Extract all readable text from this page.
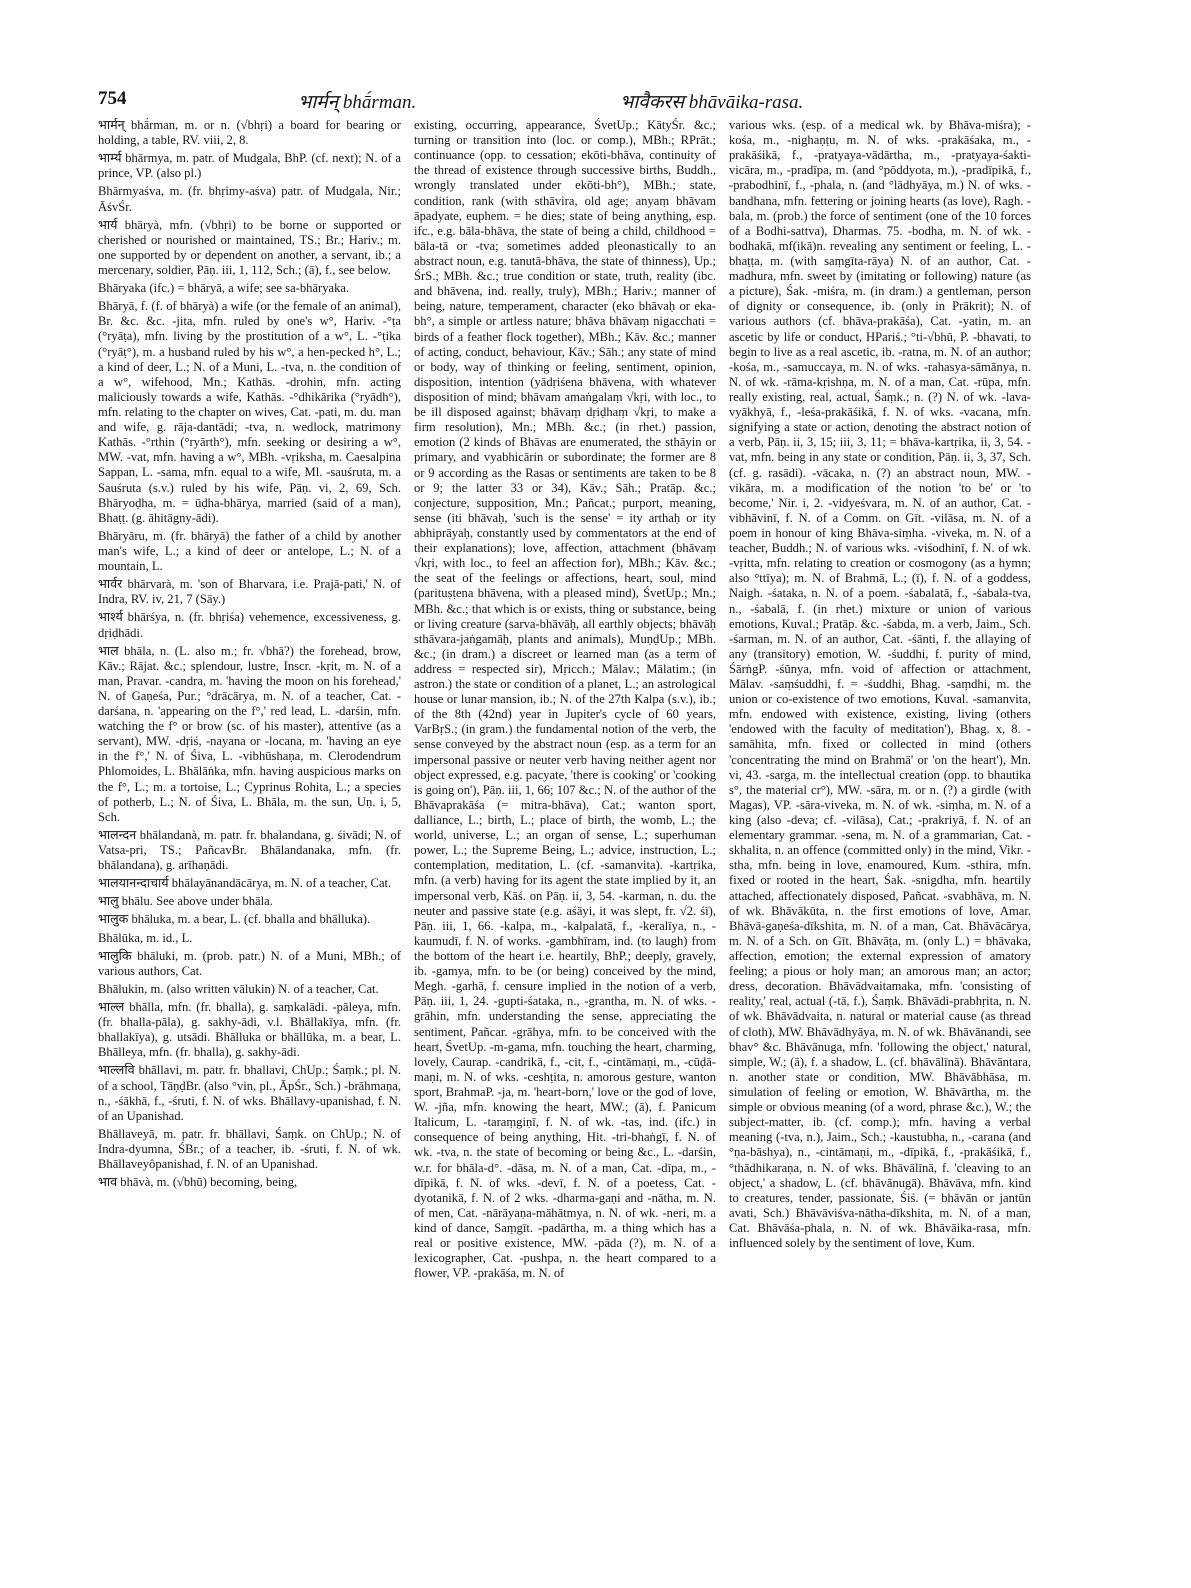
754	भार्मन् bhā́rman.	भावैकरस bhāvāika-rasa.

भार्मन् bhā́rman, m. or n. (√bhṛi) a board for bearing or holding, a table, RV. viii, 2, 8.

भार्म्य bhārmya, m. patr. of Mudgala, BhP. (cf. next); N. of a prince, VP. (also pl.)

Bhārmyaśva, m. (fr. bhṛimy-aśva) patr. of Mudgala, Nir.; ĀśvŚr.

भार्य bhāryà, mfn. (√bhṛi) to be borne or supported or cherished or nourished or maintained, TS.; Br.; Hariv.; m. one supported by or dependent on another, a servant, ib.; a mercenary, soldier, Pāṇ. iii, 1, 112, Sch.; (ā), f., see below.

Bhāryaka (ifc.) = bhāryā, a wife; see sa-bhāryaka.

Bhāryā, f. (f. of bhāryà) a wife (or the female of an animal), Br. &c. &c. -jita, mfn. ruled by one's w°, Hariv. -°ṭa (°ryāṭa), mfn. living by the prostitution of a w°, L. -°ṭika (°ryāṭ°), m. a husband ruled by his w°, a hen-pecked h°, L.; a kind of deer, L.; N. of a Muni, L. -tva, n. the condition of a w°, wifehood, Mn.; Kathās. -drohin, mfn. acting maliciously towards a wife, Kathās. -°dhikārika (°ryādh°), mfn. relating to the chapter on wives, Cat. -pati, m. du. man and wife, g. rāja-dantādi; -tva, n. wedlock, matrimony Kathās. -°rthin (°ryārth°), mfn. seeking or desiring a w°, MW. -vat, mfn. having a w°, MBh. -vṛiksha, m. Caesalpina Sappan, L. -sama, mfn. equal to a wife, Ml. -sauśruta, m. a Sauśruta (s.v.) ruled by his wife, Pāṇ. vi, 2, 69, Sch. Bhāryoḍha, m. = ūḍha-bhārya, married (said of a man), Bhaṭṭ. (g. āhitāgny-ādi).

Bhāryāru, m. (fr. bhāryā) the father of a child by another man's wife, L.; a kind of deer or antelope, L.; N. of a mountain, L.

भार्वर bhārvarà, m. 'son of Bharvara, i.e. Prajā-pati,' N. of Indra, RV. iv, 21, 7 (Sāy.)

भार्श्य bhārśya, n. (fr. bhṛiśa) vehemence, excessiveness, g. dṛiḍhādi.

भाल bhāla, n. (L. also m.; fr. √bhā?) the forehead, brow, Kāv.; Rājat. &c.; splendour, lustre, Inscr. -kṛit, m. N. of a man, Pravar. -candra, m. 'having the moon on his forehead,' N. of Gaṇeśa, Pur.; °drācārya, m. N. of a teacher, Cat. -darśana, n. 'appearing on the f°,' red lead, L. -darśin, mfn. watching the f° or brow (sc. of his master), attentive (as a servant), MW. -dṛiś, -nayana or -locana, m. 'having an eye in the f°,' N. of Śiva, L. -vibhūshaṇa, m. Clerodendrum Phlomoides, L. Bhālāṅka, mfn. having auspicious marks on the f°, L.; m. a tortoise, L.; Cyprinus Rohita, L.; a species of potherb, L.; N. of Śiva, L. Bhāla, m. the sun, Uṇ. i, 5, Sch.

भालन्दन bhālandanà, m. patr. fr. bhalandana, g. śivādi; N. of Vatsa-pri, TS.; PañcavBr. Bhālandanaka, mfn. (fr. bhālandana), g. arīhaṇādi.

भालयानन्दाचार्य bhālayānandācārya, m. N. of a teacher, Cat.

भालु bhālu. See above under bhāla.

भालुक bhāluka, m. a bear, L. (cf. bhalla and bhālluka).

Bhālūka, m. id., L.

भालुकि bhāluki, m. (prob. patr.) N. of a Muni, MBh.; of various authors, Cat.

Bhālukin, m. (also written vālukin) N. of a teacher, Cat.

भाल्ल bhālla, mfn. (fr. bhalla), g. saṃkalādi. -pāleya, mfn. (fr. bhalla-pāla), g. sakhy-ādi, v.l. Bhāllakīya, mfn. (fr. bhallakīya), g. utsādi. Bhālluka or bhāllūka, m. a bear, L. Bhālleya, mfn. (fr. bhalla), g. sakhy-ādi.

भाल्लवि bhāllavi, m. patr. fr. bhallavi, ChUp.; Śaṃk.; pl. N. of a school, TāṇḍBr. (also °vin, pl., ĀpŚr., Sch.) -brāhmaṇa, n., -śākhā, f., -śruti, f. N. of wks. Bhāllavy-upanishad, f. N. of an Upanishad.

Bhāllaveyā, m. patr. fr. bhāllavi, Śaṃk. on ChUp.; N. of Indra-dyumna, ŚBr.; of a teacher, ib. -śruti, f. N. of wk. Bhāllaveyôpanishad, f. N. of an Upanishad.

भाव bhāvà, m. (√bhū) becoming, being,

existing, occurring, appearance, ŚvetUp.; KātyŚr. &c.; turning or transition into (loc. or comp.), MBh.; RPrāt.; continuance (opp. to cessation; ekōti-bhāva, continuity of the thread of existence through successive births, Buddh., wrongly translated under ekōti-bh°), MBh.; state, condition, rank (with sthāvira, old age; anyaṃ bhāvam āpadyate, euphem. = he dies; state of being anything, esp. ifc., e.g. bāla-bhāva, the state of being a child, childhood = bāla-tā or -tva; sometimes added pleonastically to an abstract noun, e.g. tanutā-bhāva, the state of thinness), Up.; ŚrS.; MBh. &c.; true condition or state, truth, reality (ibc. and bhāvena, ind. really, truly), MBh.; Hariv.; manner of being, nature, temperament, character (eko bhāvaḥ or eka-bh°, a simple or artless nature; bhāva bhāvaṃ nigacchati = birds of a feather flock together), MBh.; Kāv. &c.; manner of acting, conduct, behaviour, Kāv.; Sāh.; any state of mind or body, way of thinking or feeling, sentiment, opinion, disposition, intention (yādṛiśena bhāvena, with whatever disposition of mind; bhāvam amaṅgalaṃ √kṛi, with loc., to be ill disposed against; bhāvaṃ dṛiḍhaṃ √kṛi, to make a firm resolution), Mn.; MBh. &c.; (in rhet.) passion, emotion (2 kinds of Bhāvas are enumerated, the sthāyin or primary, and vyabhicārin or subordinate; the former are 8 or 9 according as the Rasas or sentiments are taken to be 8 or 9; the latter 33 or 34), Kāv.; Sāh.; Pratāp. &c.; conjecture, supposition, Mn.; Pañcat.; purport, meaning, sense (iti bhāvaḥ, 'such is the sense' = ity arthaḥ or ity abhiprāyaḥ, constantly used by commentators at the end of their explanations); love, affection, attachment (bhāvaṃ √kṛi, with loc., to feel an affection for), MBh.; Kāv. &c.; the seat of the feelings or affections, heart, soul, mind (parituṣṭena bhāvena, with a pleased mind), ŚvetUp.; Mn.; MBh. &c.; that which is or exists, thing or substance, being or living creature (sarva-bhāvāḥ, all earthly objects; bhāvāḥ sthāvara-jaṅgamāḥ, plants and animals), MuṇḍUp.; MBh. &c.; (in dram.) a discreet or learned man (as a term of address = respected sir), Mṛicch.; Mālav.; Mālatim.; (in astron.) the state or condition of a planet, L.; an astrological house or lunar mansion, ib.; N. of the 27th Kalpa (s.v.), ib.; of the 8th (42nd) year in Jupiter's cycle of 60 years, VarBṛS.; (in gram.) the fundamental notion of the verb, the sense conveyed by the abstract noun (esp. as a term for an impersonal passive or neuter verb having neither agent nor object expressed, e.g. pacyate, 'there is cooking' or 'cooking is going on'), Pāṇ. iii, 1, 66; 107 &c.; N. of the author of the Bhāvaprakāśa (= mitra-bhāva), Cat.; wanton sport, dalliance, L.; birth, L.; place of birth, the womb, L.; the world, universe, L.; an organ of sense, L.; superhuman power, L.; the Supreme Being, L.; advice, instruction, L.; contemplation, meditation, L. (cf. -samanvita). -kartṛika, mfn. (a verb) having for its agent the state implied by it, an impersonal verb, Kāś. on Pāṇ. ii, 3, 54. -karman, n. du. the neuter and passive state (e.g. aśāyi, it was slept, fr. √2. śī), Pāṇ. iii, 1, 66. -kalpa, m., -kalpalatā, f., -keralīya, n., -kaumudī, f. N. of works. -gambhīram, ind. (to laugh) from the bottom of the heart i.e. heartily, BhP.; deeply, gravely, ib. -gamya, mfn. to be (or being) conceived by the mind, Megh. -garhā, f. censure implied in the notion of a verb, Pāṇ. iii, 1, 24. -gupti-śataka, n., -grantha, m. N. of wks. -grāhin, mfn. understanding the sense, appreciating the sentiment, Pañcar. -grāhya, mfn. to be conceived with the heart, ŚvetUp. -m-gama, mfn. touching the heart, charming, lovely, Caurap. -candrikā, f., -cit, f., -cintāmaṇi, m., -cūḍā-maṇi, m. N. of wks. -ceshṭita, n. amorous gesture, wanton sport, BrahmaP. -ja, m. 'heart-born,' love or the god of love, W. -jña, mfn. knowing the heart, MW.; (ā), f. Panicum Italicum, L. -taraṃgiṇī, f. N. of wk. -tas, ind. (ifc.) in consequence of being anything, Hit. -tri-bhaṅgī, f. N. of wk. -tva, n. the state of becoming or being &c., L. -darśin, w.r. for bhāla-d°. -dāsa, m. N. of a man, Cat. -dīpa, m., -dīpikā, f. N. of wks. -devī, f. N. of a poetess, Cat. -dyotanikā, f. N. of 2 wks. -dharma-gaṇi and -nātha, m. N. of men, Cat. -nārāyaṇa-māhātmya, n. N. of wk. -neri, m. a kind of dance, Saṃgīt. -padārtha, m. a thing which has a real or positive existence, MW. -pāda (?), m. N. of a lexicographer, Cat. -pushpa, n. the heart compared to a flower, VP. -prakāśa, m. N. of

various wks. (esp. of a medical wk. by Bhāva-miśra); -kośa, m., -nighaṇṭu, m. N. of wks. -prakāśaka, m., -prakāśikā, f., -pratyaya-vādārtha, m., -pratyaya-śakti-vicāra, m., -pradīpa, m. (and °pōddyota, m.), -pradīpikā, f., -prabodhinī, f., -phala, n. (and °lādhyāya, m.) N. of wks. -bandhana, mfn. fettering or joining hearts (as love), Ragh. -bala, m. (prob.) the force of sentiment (one of the 10 forces of a Bodhi-sattva), Dharmas. 75. -bodha, m. N. of wk. -bodhakā, mf(ikā)n. revealing any sentiment or feeling, L. -bhaṭṭa, m. (with saṃgīta-rāya) N. of an author, Cat. -madhura, mfn. sweet by (imitating or following) nature (as a picture), Śak. -miśra, m. (in dram.) a gentleman, person of dignity or consequence, ib. (only in Prākrit); N. of various authors (cf. bhāva-prakāśa), Cat. -yatin, m. an ascetic by life or conduct, HPariś.; °ti-√bhū, P. -bhavati, to begin to live as a real ascetic, ib. -ratna, m. N. of an author; -kośa, m., -samuccaya, m. N. of wks. -rahasya-sāmānya, n. N. of wk. -rāma-kṛishṇa, m. N. of a man, Cat. -rūpa, mfn. really existing, real, actual, Śaṃk.; n. (?) N. of wk. -lava-vyākhyā, f., -leśa-prakāśikā, f. N. of wks. -vacana, mfn. signifying a state or action, denoting the abstract notion of a verb, Pāṇ. ii, 3, 15; iii, 3, 11; = bhāva-kartṛika, ii, 3, 54. -vat, mfn. being in any state or condition, Pāṇ. ii, 3, 37, Sch. (cf. g. rasādi). -vācaka, n. (?) an abstract noun, MW. -vikāra, m. a modification of the notion 'to be' or 'to become,' Nir. i, 2. -vidyeśvara, m. N. of an author, Cat. -vibhāvinī, f. N. of a Comm. on Gīt. -vilāsa, m. N. of a poem in honour of king Bhāva-siṃha. -viveka, m. N. of a teacher, Buddh.; N. of various wks. -viśodhinī, f. N. of wk. -vṛitta, mfn. relating to creation or cosmogony (as a hymn; also °ttīya); m. N. of Brahmā, L.; (ī), f. N. of a goddess, Naigh. -śataka, n. N. of a poem. -śabalatā, f., -śabala-tva, n., -śabalā, f. (in rhet.) mixture or union of various emotions, Kuval.; Pratāp. &c. -śabda, m. a verb, Jaim., Sch. -śarman, m. N. of an author, Cat. -śānti, f. the allaying of any (transitory) emotion, W. -śuddhi, f. purity of mind, ŚārṅgP. -śūnya, mfn. void of affection or attachment, Mālav. -saṃśuddhi, f. = -śuddhi, Bhag. -saṃdhi, m. the union or co-existence of two emotions, Kuval. -samanvita, mfn. endowed with existence, existing, living (others 'endowed with the faculty of meditation'), Bhag. x, 8. -samāhita, mfn. fixed or collected in mind (others 'concentrating the mind on Brahmā' or 'on the heart'), Mn. vi, 43. -sarga, m. the intellectual creation (opp. to bhautika s°, the material cr°), MW. -sāra, m. or n. (?) a girdle (with Magas), VP. -sāra-viveka, m. N. of wk. -siṃha, m. N. of a king (also -deva; cf. -vilāsa), Cat.; -prakriyā, f. N. of an elementary grammar. -sena, m. N. of a grammarian, Cat. -skhalita, n. an offence (committed only) in the mind, Vikr. -stha, mfn. being in love, enamoured, Kum. -sthira, mfn. fixed or rooted in the heart, Śak. -snigdha, mfn. heartily attached, affectionately disposed, Pañcat. -svabhāva, m. N. of wk. Bhāvākūta, n. the first emotions of love, Amar. Bhāvā-gaṇeśa-dīkshita, m. N. of a man, Cat. Bhāvācārya, m. N. of a Sch. on Gīt. Bhāvāṭa, m. (only L.) = bhāvaka, affection, emotion; the external expression of amatory feeling; a pious or holy man; an amorous man; an actor; dress, decoration. Bhāvādvaitamaka, mfn. 'consisting of reality,' real, actual (-tā, f.), Śaṃk. Bhāvādi-prabhṛita, n. N. of wk. Bhāvādvaita, n. natural or material cause (as thread of cloth), MW. Bhāvādhyāya, m. N. of wk. Bhāvānandi, see bhav° &c. Bhāvānuga, mfn. 'following the object,' natural, simple, W.; (ā), f. a shadow, L. (cf. bhāvālīnā). Bhāvāntara, n. another state or condition, MW. Bhāvābhāsa, m. simulation of feeling or emotion, W. Bhāvārtha, m. the simple or obvious meaning (of a word, phrase &c.), W.; the subject-matter, ib. (cf. comp.); mfn. having a verbal meaning (-tva, n.), Jaim., Sch.; -kaustubha, n., -carana (and °ṇa-bāshya), n., -cintāmaṇi, m., -dīpikā, f., -prakāśikā, f., °thādhikaraṇa, n. N. of wks. Bhāvālīnā, f. 'cleaving to an object,' a shadow, L. (cf. bhāvānugā). Bhāvāva, mfn. kind to creatures, tender, passionate, Śiś. (= bhāvān or jantūn avati, Sch.) Bhāvāviśva-nātha-dīkshita, m. N. of a man, Cat. Bhāvāśa-phala, n. N. of wk. Bhāvāika-rasa, mfn. influenced solely by the sentiment of love, Kum.
